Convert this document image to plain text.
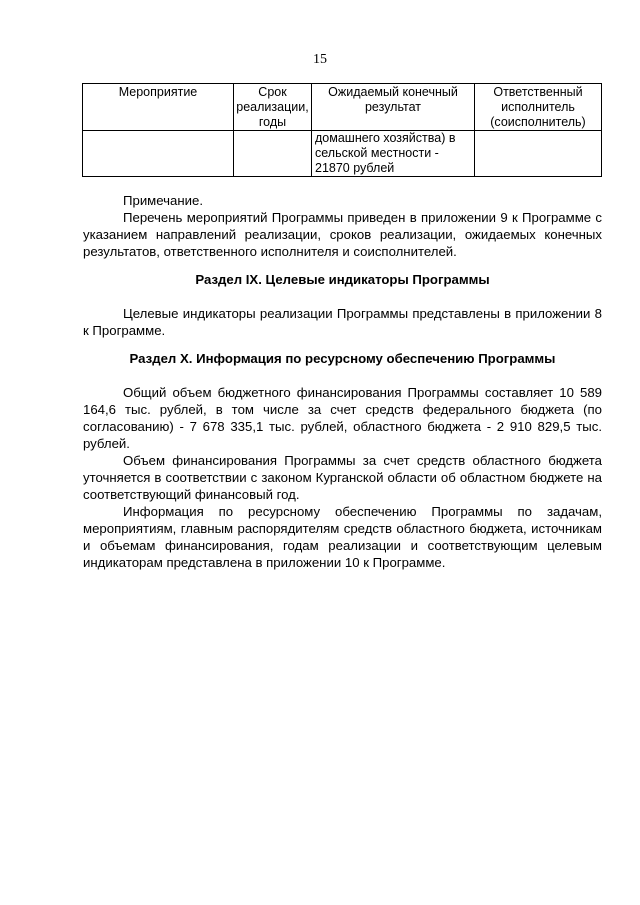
15
Мероприятие	Срок реализации, годы	Ожидаемый конечный результат	Ответственный исполнитель (соисполнитель)
		домашнего хозяйства) в сельской местности - 21870 рублей	

Примечание.

Перечень мероприятий Программы приведен в приложении 9 к Программе с указанием направлений реализации, сроков реализации, ожидаемых конечных результатов, ответственного исполнителя и соисполнителей.

Раздел IX. Целевые индикаторы Программы

Целевые индикаторы реализации Программы представлены в приложении 8 к Программе.

Раздел X. Информация по ресурсному обеспечению Программы

Общий объем бюджетного финансирования Программы составляет 10 589 164,6 тыс. рублей, в том числе за счет средств федерального бюджета (по согласованию) - 7 678 335,1 тыс. рублей, областного бюджета - 2 910 829,5 тыс. рублей.

Объем финансирования Программы за счет средств областного бюджета уточняется в соответствии с законом Курганской области об областном бюджете на соответствующий финансовый год.

Информация по ресурсному обеспечению Программы по задачам, мероприятиям, главным распорядителям средств областного бюджета, источникам и объемам финансирования, годам реализации и соответствующим целевым индикаторам представлена в приложении 10 к Программе.
